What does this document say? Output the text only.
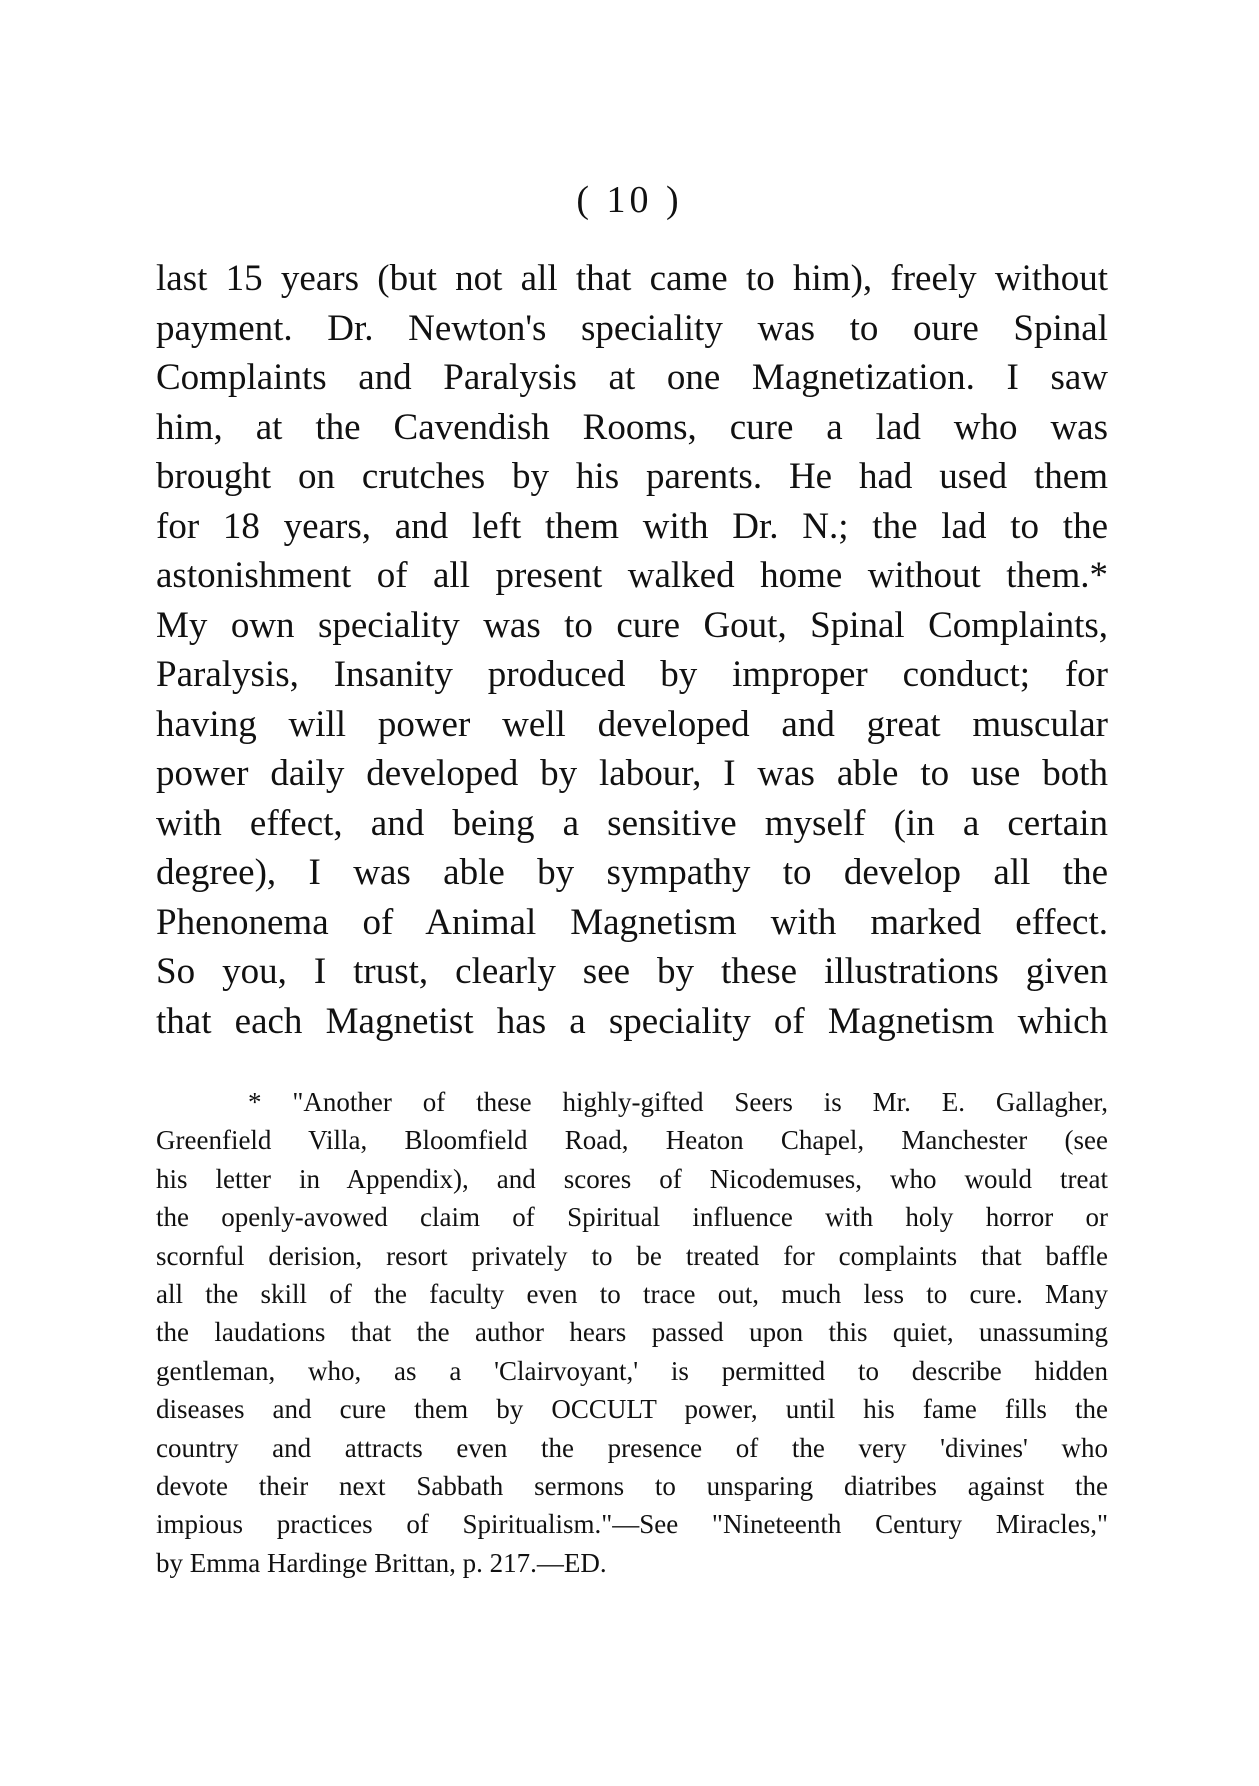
( 10 )
last 15 years (but not all that came to him), freely without
payment. Dr. Newton's speciality was to oure Spinal
Complaints and Paralysis at one Magnetization. I saw
him, at the Cavendish Rooms, cure a lad who was
brought on crutches by his parents. He had used them
for 18 years, and left them with Dr. N.; the lad to the
astonishment of all present walked home without them.*
My own speciality was to cure Gout, Spinal Complaints,
Paralysis, Insanity produced by improper conduct; for
having will power well developed and great muscular
power daily developed by labour, I was able to use both
with effect, and being a sensitive myself (in a certain
degree), I was able by sympathy to develop all the
Phenonema of Animal Magnetism with marked effect.
So you, I trust, clearly see by these illustrations given
that each Magnetist has a speciality of Magnetism which
* "Another of these highly-gifted Seers is Mr. E. Gallagher,
Greenfield Villa, Bloomfield Road, Heaton Chapel, Manchester (see
his letter in Appendix), and scores of Nicodemuses, who would treat
the openly-avowed claim of Spiritual influence with holy horror or
scornful derision, resort privately to be treated for complaints that baffle
all the skill of the faculty even to trace out, much less to cure. Many
the laudations that the author hears passed upon this quiet, unassuming
gentleman, who, as a 'Clairvoyant,' is permitted to describe hidden
diseases and cure them by OCCULT power, until his fame fills the
country and attracts even the presence of the very 'divines' who
devote their next Sabbath sermons to unsparing diatribes against the
impious practices of Spiritualism."—See "Nineteenth Century Miracles,"
by Emma Hardinge Brittan, p. 217.—ED.
